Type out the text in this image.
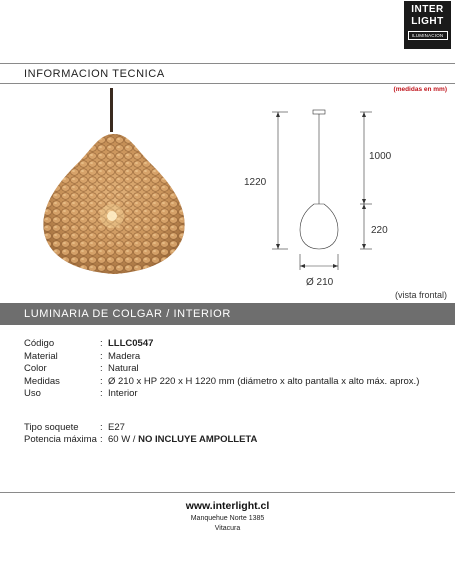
INTER
LIGHT
ILUMINACION
INFORMACION TECNICA
(medidas en mm)
1220
1000
220
Ø 210
(vista frontal)
LUMINARIA DE COLGAR / INTERIOR
Código	: LLLC0547
Material	: Madera
Color	: Natural
Medidas	: Ø 210 x HP 220 x H 1220 mm (diámetro x alto pantalla x alto máx. aprox.)
Uso	: Interior
Tipo soquete	: E27
Potencia máxima : 60 W / NO INCLUYE AMPOLLETA
www.interlight.cl
Manquehue Norte 1385
Vitacura
